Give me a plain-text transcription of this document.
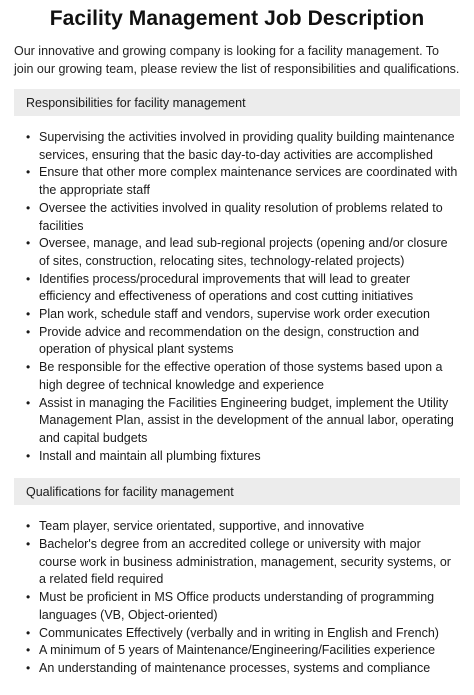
Facility Management Job Description

Our innovative and growing company is looking for a facility management. To join our growing team, please review the list of responsibilities and qualifications.

Responsibilities for facility management
• Supervising the activities involved in providing quality building maintenance services, ensuring that the basic day-to-day activities are accomplished
• Ensure that other more complex maintenance services are coordinated with the appropriate staff
• Oversee the activities involved in quality resolution of problems related to facilities
• Oversee, manage, and lead sub-regional projects (opening and/or closure of sites, construction, relocating sites, technology-related projects)
• Identifies process/procedural improvements that will lead to greater efficiency and effectiveness of operations and cost cutting initiatives
• Plan work, schedule staff and vendors, supervise work order execution
• Provide advice and recommendation on the design, construction and operation of physical plant systems
• Be responsible for the effective operation of those systems based upon a high degree of technical knowledge and experience
• Assist in managing the Facilities Engineering budget, implement the Utility Management Plan, assist in the development of the annual labor, operating and capital budgets
• Install and maintain all plumbing fixtures
Qualifications for facility management
• Team player, service orientated, supportive, and innovative
• Bachelor's degree from an accredited college or university with major course work in business administration, management, security systems, or a related field required
• Must be proficient in MS Office products understanding of programming languages (VB, Object-oriented)
• Communicates Effectively (verbally and in writing in English and French)
• A minimum of 5 years of Maintenance/Engineering/Facilities experience
• An understanding of maintenance processes, systems and compliance
